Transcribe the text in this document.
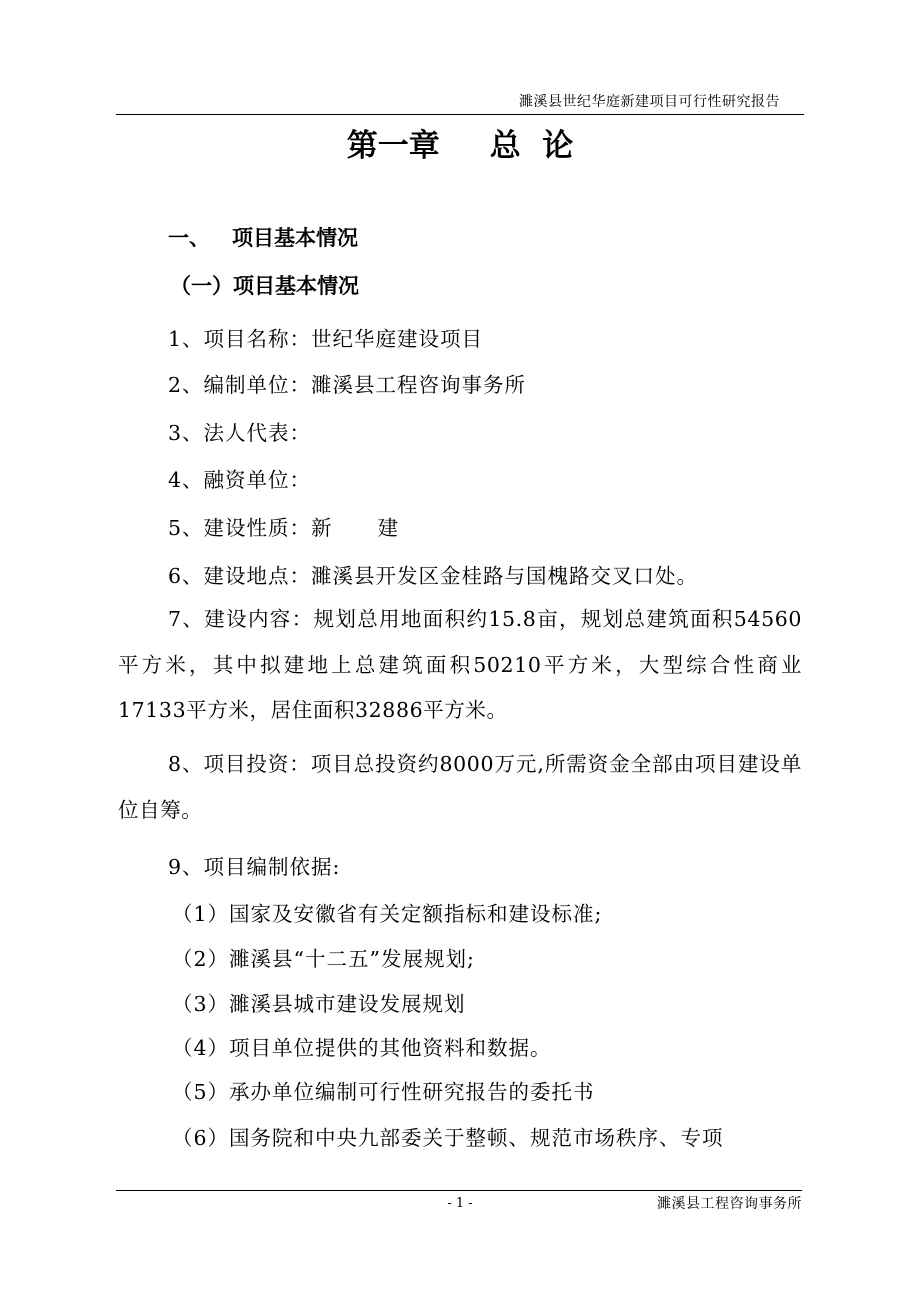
濉溪县世纪华庭新建项目可行性研究报告
第一章 总  论
一、 项目基本情况
（一）项目基本情况
1、项目名称：世纪华庭建设项目
2、编制单位：濉溪县工程咨询事务所
3、法人代表：
4、融资单位：
5、建设性质：新      建
6、建设地点：濉溪县开发区金桂路与国槐路交叉口处。
7、建设内容：规划总用地面积约15.8亩，规划总建筑面积54560平方米，其中拟建地上总建筑面积50210平方米，大型综合性商业17133平方米，居住面积32886平方米。
8、项目投资：项目总投资约8000万元,所需资金全部由项目建设单位自筹。
9、项目编制依据:
（1）国家及安徽省有关定额指标和建设标准;
（2）濉溪县“十二五”发展规划;
（3）濉溪县城市建设发展规划
（4）项目单位提供的其他资料和数据。
（5）承办单位编制可行性研究报告的委托书
（6）国务院和中央九部委关于整顿、规范市场秩序、专项
- 1 -	濉溪县工程咨询事务所
